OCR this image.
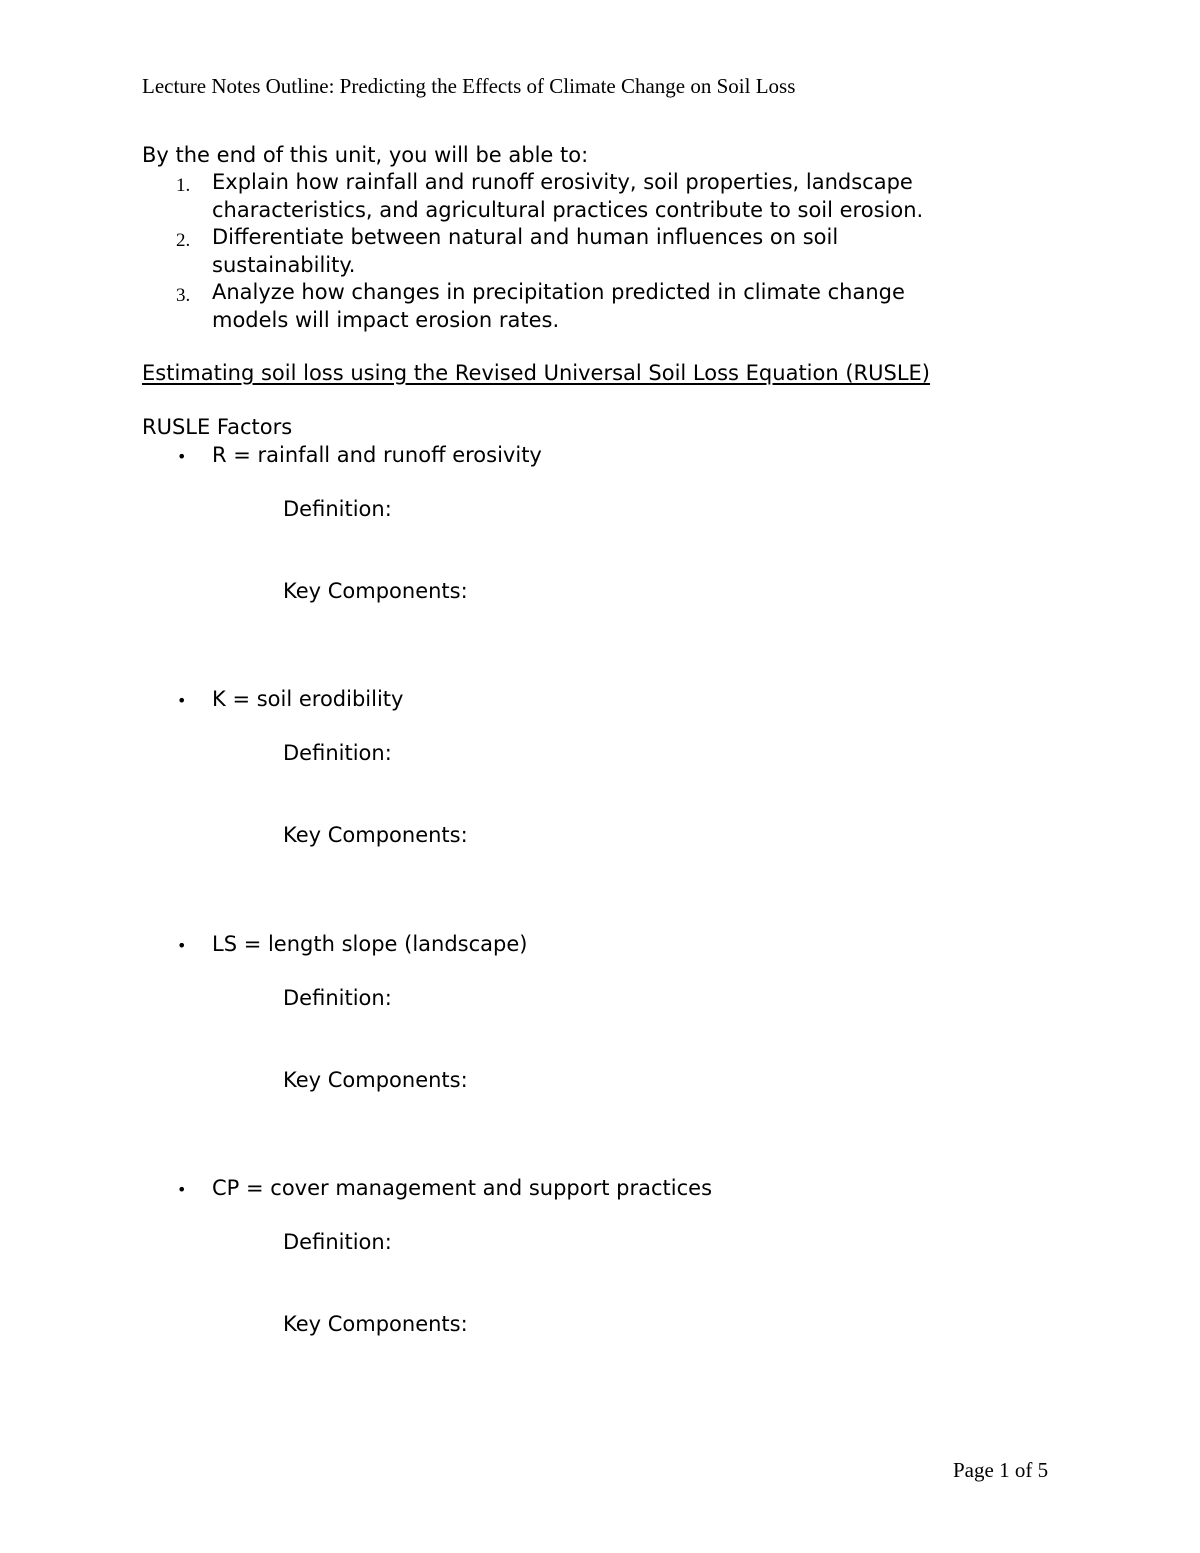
Lecture Notes Outline: Predicting the Effects of Climate Change on Soil Loss
By the end of this unit, you will be able to:
1. Explain how rainfall and runoff erosivity, soil properties, landscape
characteristics, and agricultural practices contribute to soil erosion.
2. Differentiate between natural and human influences on soil
sustainability.
3. Analyze how changes in precipitation predicted in climate change
models will impact erosion rates.
Estimating soil loss using the Revised Universal Soil Loss Equation (RUSLE)
RUSLE Factors
• R = rainfall and runoff erosivity
Definition:
Key Components:
• K = soil erodibility
Definition:
Key Components:
• LS = length slope (landscape)
Definition:
Key Components:
• CP = cover management and support practices
Definition:
Key Components:
Page 1 of 5
